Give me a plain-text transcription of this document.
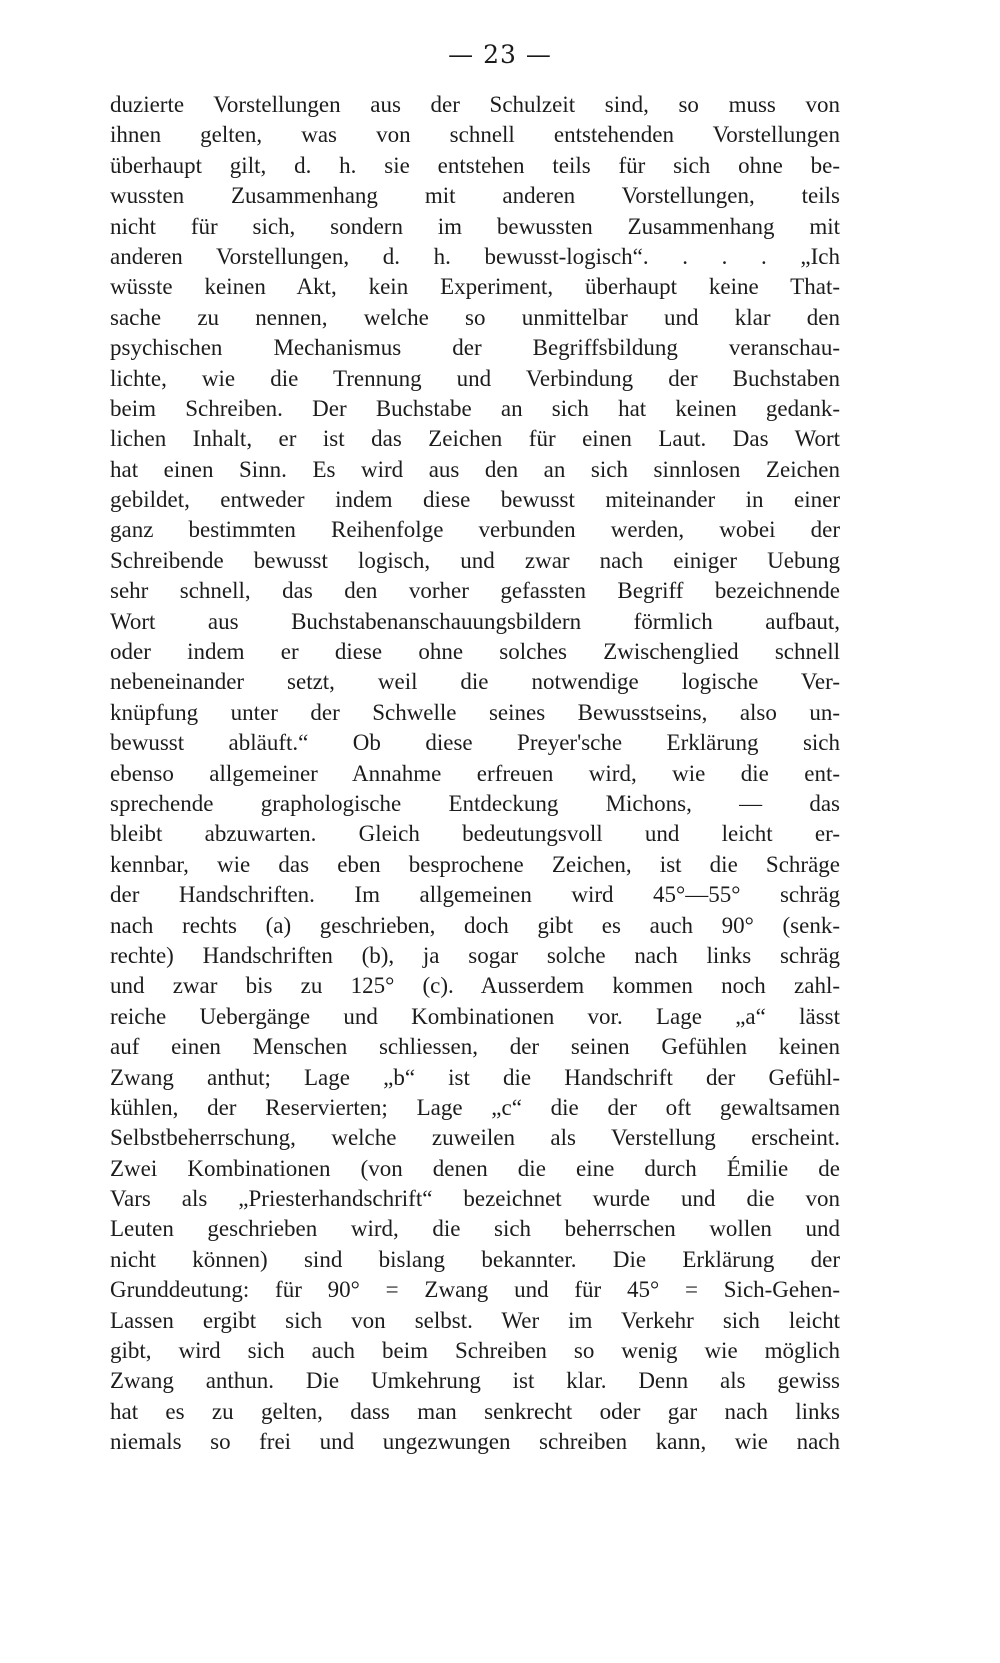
— 23 —
duzierte Vorstellungen aus der Schulzeit sind, so muss von
ihnen gelten, was von schnell entstehenden Vorstellungen
überhaupt gilt, d. h. sie entstehen teils für sich ohne be-
wussten Zusammenhang mit anderen Vorstellungen, teils
nicht für sich, sondern im bewussten Zusammenhang mit
anderen Vorstellungen, d. h. bewusst-logisch“. . . . „Ich
wüsste keinen Akt, kein Experiment, überhaupt keine That-
sache zu nennen, welche so unmittelbar und klar den
psychischen Mechanismus der Begriffsbildung veranschau-
lichte, wie die Trennung und Verbindung der Buchstaben
beim Schreiben. Der Buchstabe an sich hat keinen gedank-
lichen Inhalt, er ist das Zeichen für einen Laut. Das Wort
hat einen Sinn. Es wird aus den an sich sinnlosen Zeichen
gebildet, entweder indem diese bewusst miteinander in einer
ganz bestimmten Reihenfolge verbunden werden, wobei der
Schreibende bewusst logisch, und zwar nach einiger Uebung
sehr schnell, das den vorher gefassten Begriff bezeichnende
Wort aus Buchstabenanschauungsbildern förmlich aufbaut,
oder indem er diese ohne solches Zwischenglied schnell
nebeneinander setzt, weil die notwendige logische Ver-
knüpfung unter der Schwelle seines Bewusstseins, also un-
bewusst abläuft.“ Ob diese Preyer'sche Erklärung sich
ebenso allgemeiner Annahme erfreuen wird, wie die ent-
sprechende graphologische Entdeckung Michons, — das
bleibt abzuwarten. Gleich bedeutungsvoll und leicht er-
kennbar, wie das eben besprochene Zeichen, ist die Schräge
der Handschriften. Im allgemeinen wird 45°—55° schräg
nach rechts (a) geschrieben, doch gibt es auch 90° (senk-
rechte) Handschriften (b), ja sogar solche nach links schräg
und zwar bis zu 125° (c). Ausserdem kommen noch zahl-
reiche Uebergänge und Kombinationen vor. Lage „a“ lässt
auf einen Menschen schliessen, der seinen Gefühlen keinen
Zwang anthut; Lage „b“ ist die Handschrift der Gefühl-
kühlen, der Reservierten; Lage „c“ die der oft gewaltsamen
Selbstbeherrschung, welche zuweilen als Verstellung erscheint.
Zwei Kombinationen (von denen die eine durch Émilie de
Vars als „Priesterhandschrift“ bezeichnet wurde und die von
Leuten geschrieben wird, die sich beherrschen wollen und
nicht können) sind bislang bekannter. Die Erklärung der
Grunddeutung: für 90° = Zwang und für 45° = Sich-Gehen-
Lassen ergibt sich von selbst. Wer im Verkehr sich leicht
gibt, wird sich auch beim Schreiben so wenig wie möglich
Zwang anthun. Die Umkehrung ist klar. Denn als gewiss
hat es zu gelten, dass man senkrecht oder gar nach links
niemals so frei und ungezwungen schreiben kann, wie nach
